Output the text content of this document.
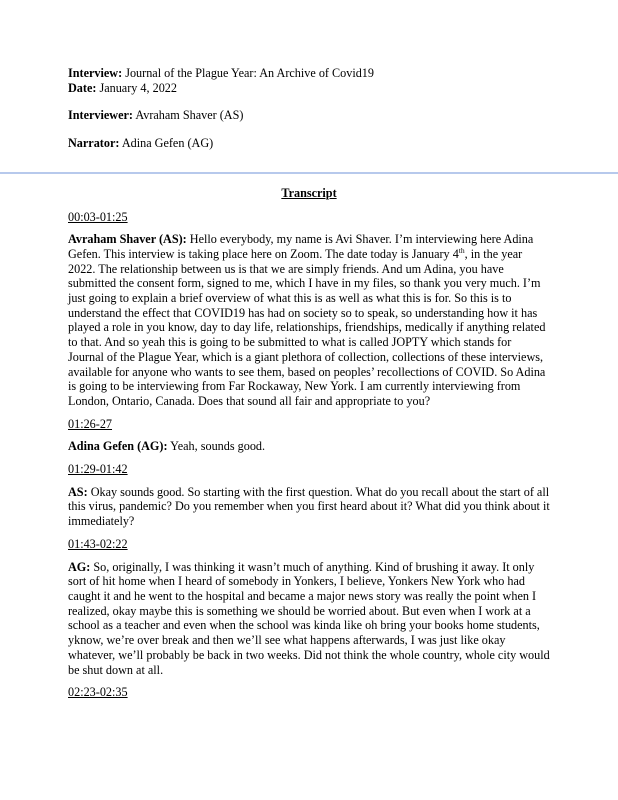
Interview: Journal of the Plague Year: An Archive of Covid19
Date: January 4, 2022

Interviewer: Avraham Shaver (AS)

Narrator: Adina Gefen (AG)

Transcript

00:03-01:25

Avraham Shaver (AS): Hello everybody, my name is Avi Shaver. I’m interviewing here Adina Gefen. This interview is taking place here on Zoom. The date today is January 4th, in the year 2022. The relationship between us is that we are simply friends. And um Adina, you have submitted the consent form, signed to me, which I have in my files, so thank you very much. I’m just going to explain a brief overview of what this is as well as what this is for. So this is to understand the effect that COVID19 has had on society so to speak, so understanding how it has played a role in you know, day to day life, relationships, friendships, medically if anything related to that. And so yeah this is going to be submitted to what is called JOPTY which stands for Journal of the Plague Year, which is a giant plethora of collection, collections of these interviews, available for anyone who wants to see them, based on peoples’ recollections of COVID. So Adina is going to be interviewing from Far Rockaway, New York. I am currently interviewing from London, Ontario, Canada. Does that sound all fair and appropriate to you?

01:26-27

Adina Gefen (AG): Yeah, sounds good.

01:29-01:42

AS: Okay sounds good. So starting with the first question. What do you recall about the start of all this virus, pandemic? Do you remember when you first heard about it? What did you think about it immediately?

01:43-02:22

AG: So, originally, I was thinking it wasn’t much of anything. Kind of brushing it away. It only sort of hit home when I heard of somebody in Yonkers, I believe, Yonkers New York who had caught it and he went to the hospital and became a major news story was really the point when I realized, okay maybe this is something we should be worried about. But even when I work at a school as a teacher and even when the school was kinda like oh bring your books home students, yknow, we’re over break and then we’ll see what happens afterwards, I was just like okay whatever, we’ll probably be back in two weeks. Did not think the whole country, whole city would be shut down at all.

02:23-02:35
